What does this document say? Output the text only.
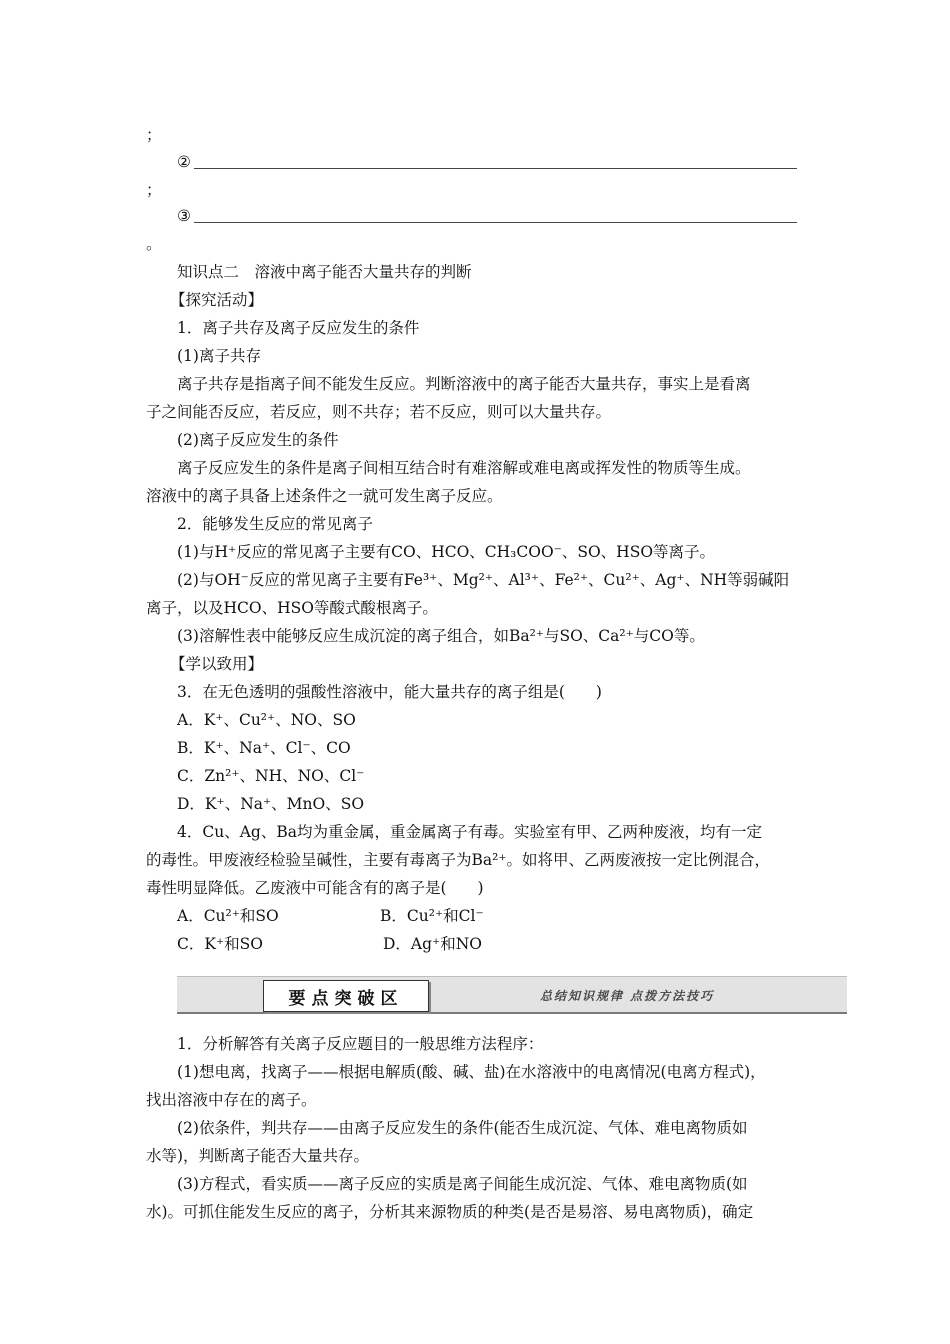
；
②
；
③
。
知识点二　溶液中离子能否大量共存的判断
【探究活动】
1．离子共存及离子反应发生的条件
(1)离子共存
离子共存是指离子间不能发生反应。判断溶液中的离子能否大量共存，事实上是看离
子之间能否反应，若反应，则不共存；若不反应，则可以大量共存。
(2)离子反应发生的条件
离子反应发生的条件是离子间相互结合时有难溶解或难电离或挥发性的物质等生成。
溶液中的离子具备上述条件之一就可发生离子反应。
2．能够发生反应的常见离子
(1)与H⁺反应的常见离子主要有CO、HCO、CH₃COO⁻、SO、HSO等离子。
(2)与OH⁻反应的常见离子主要有Fe³⁺、Mg²⁺、Al³⁺、Fe²⁺、Cu²⁺、Ag⁺、NH等弱碱阳
离子，以及HCO、HSO等酸式酸根离子。
(3)溶解性表中能够反应生成沉淀的离子组合，如Ba²⁺与SO、Ca²⁺与CO等。
【学以致用】
3．在无色透明的强酸性溶液中，能大量共存的离子组是(　　)
A．K⁺、Cu²⁺、NO、SO
B．K⁺、Na⁺、Cl⁻、CO
C．Zn²⁺、NH、NO、Cl⁻
D．K⁺、Na⁺、MnO、SO
4．Cu、Ag、Ba均为重金属，重金属离子有毒。实验室有甲、乙两种废液，均有一定
的毒性。甲废液经检验呈碱性，主要有毒离子为Ba²⁺。如将甲、乙两废液按一定比例混合，
毒性明显降低。乙废液中可能含有的离子是(　　)
A．Cu²⁺和SO	B．Cu²⁺和Cl⁻
C．K⁺和SO	D．Ag⁺和NO
要点突破区	总结知识规律 点拨方法技巧
1．分析解答有关离子反应题目的一般思维方法程序：
(1)想电离，找离子——根据电解质(酸、碱、盐)在水溶液中的电离情况(电离方程式)，
找出溶液中存在的离子。
(2)依条件，判共存——由离子反应发生的条件(能否生成沉淀、气体、难电离物质如
水等)，判断离子能否大量共存。
(3)方程式，看实质——离子反应的实质是离子间能生成沉淀、气体、难电离物质(如
水)。可抓住能发生反应的离子，分析其来源物质的种类(是否是易溶、易电离物质)，确定
